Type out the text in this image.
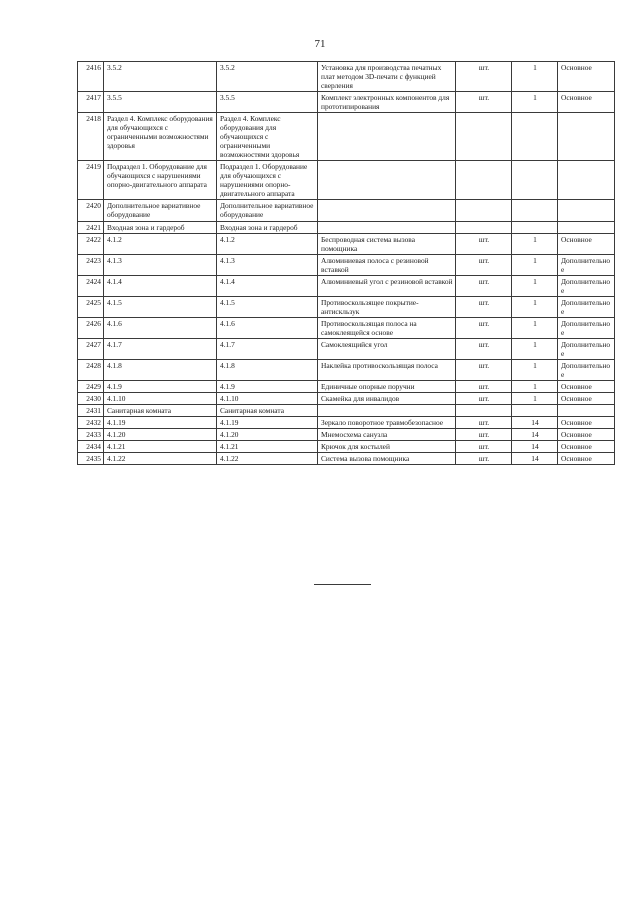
71
2416	3.5.2	3.5.2	Установка для производства печатных плат методом 3D-печати с функцией сверления	шт.	1	Основное
2417	3.5.5	3.5.5	Комплект электронных компонентов для прототипирования	шт.	1	Основное
2418	Раздел 4. Комплекс оборудования для обучающихся с ограниченными возможностями здоровья	Раздел 4. Комплекс оборудования для обучающихся с ограниченными возможностями здоровья				
2419	Подраздел 1. Оборудование для обучающихся с нарушениями опорно-двигательного аппарата	Подраздел 1. Оборудование для обучающихся с нарушениями опорно-двигательного аппарата				
2420	Дополнительное вариативное оборудование	Дополнительное вариативное оборудование				
2421	Входная зона и гардероб	Входная зона и гардероб				
2422	4.1.2	4.1.2	Беспроводная система вызова помощника	шт.	1	Основное
2423	4.1.3	4.1.3	Алюминиевая полоса с резиновой вставкой	шт.	1	Дополнительное
2424	4.1.4	4.1.4	Алюминиевый угол с резиновой вставкой	шт.	1	Дополнительное
2425	4.1.5	4.1.5	Противоскользящее покрытие-антискльзук	шт.	1	Дополнительное
2426	4.1.6	4.1.6	Противоскользящая полоса на самоклеящейся основе	шт.	1	Дополнительное
2427	4.1.7	4.1.7	Самоклеящийся угол	шт.	1	Дополнительное
2428	4.1.8	4.1.8	Наклейка противоскользящая полоса	шт.	1	Дополнительное
2429	4.1.9	4.1.9	Единичные опорные поручни	шт.	1	Основное
2430	4.1.10	4.1.10	Скамейка для инвалидов	шт.	1	Основное
2431	Санитарная комната	Санитарная комната				
2432	4.1.19	4.1.19	Зеркало поворотное травмобезопасное	шт.	14	Основное
2433	4.1.20	4.1.20	Мнемосхема санузла	шт.	14	Основное
2434	4.1.21	4.1.21	Крючок для костылей	шт.	14	Основное
2435	4.1.22	4.1.22	Система вызова помощника	шт.	14	Основное
